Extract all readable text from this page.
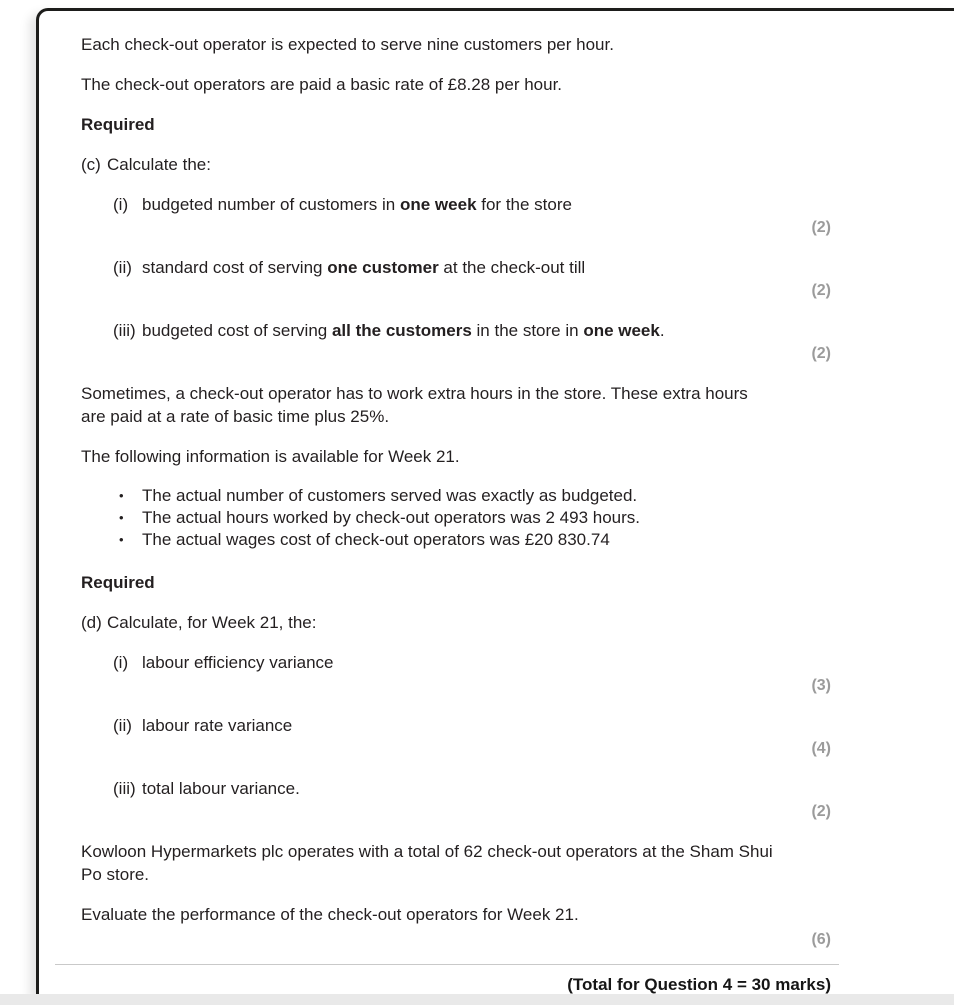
Each check-out operator is expected to serve nine customers per hour.

The check-out operators are paid a basic rate of £8.28 per hour.

Required

(c) Calculate the:
(i) budgeted number of customers in one week for the store
(2)
(ii) standard cost of serving one customer at the check-out till
(2)
(iii) budgeted cost of serving all the customers in the store in one week.
(2)

Sometimes, a check-out operator has to work extra hours in the store. These extra hours are paid at a rate of basic time plus 25%.

The following information is available for Week 21.

•	The actual number of customers served was exactly as budgeted.
•	The actual hours worked by check-out operators was 2 493 hours.
•	The actual wages cost of check-out operators was £20 830.74

Required

(d) Calculate, for Week 21, the:
(i) labour efficiency variance
(3)
(ii) labour rate variance
(4)
(iii) total labour variance.
(2)

Kowloon Hypermarkets plc operates with a total of 62 check-out operators at the Sham Shui Po store.

Evaluate the performance of the check-out operators for Week 21.

(6)

(Total for Question 4 = 30 marks)
